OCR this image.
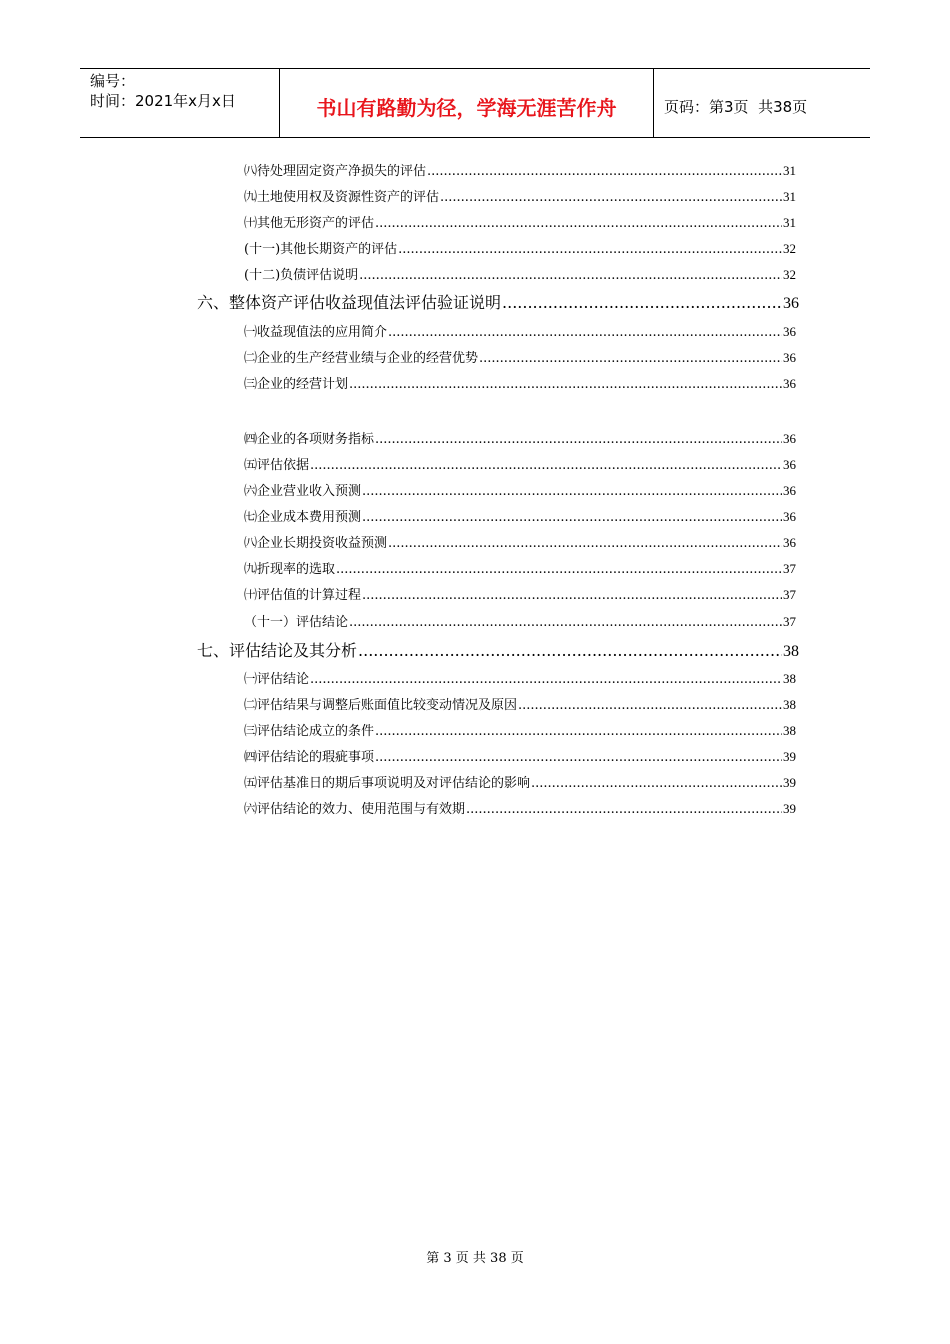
编号：
时间：2021年x月x日	书山有路勤为径，学海无涯苦作舟	页码：第3页  共38页
㈧待处理固定资产净损失的评估 .....	31
㈨土地使用权及资源性资产的评估 .....	31
㈩其他无形资产的评估 .....	31
(十一)其他长期资产的评估 .....	32
(十二)负债评估说明 .....	32
六、整体资产评估收益现值法评估验证说明 .....	36
㈠收益现值法的应用简介 .....	36
㈡企业的生产经营业绩与企业的经营优势 .....	36
㈢企业的经营计划 .....	36
㈣企业的各项财务指标 .....	36
㈤评估依据 .....	36
㈥企业营业收入预测 .....	36
㈦企业成本费用预测 .....	36
㈧企业长期投资收益预测 .....	36
㈨折现率的选取 .....	37
㈩评估值的计算过程 .....	37
（十一）评估结论 .....	37
七、评估结论及其分析 .....	38
㈠评估结论 .....	38
㈡评估结果与调整后账面值比较变动情况及原因 .....	38
㈢评估结论成立的条件 .....	38
㈣评估结论的瑕疵事项 .....	39
㈤评估基准日的期后事项说明及对评估结论的影响 .....	39
㈥评估结论的效力、使用范围与有效期 .....	39
第 3 页 共 38 页
